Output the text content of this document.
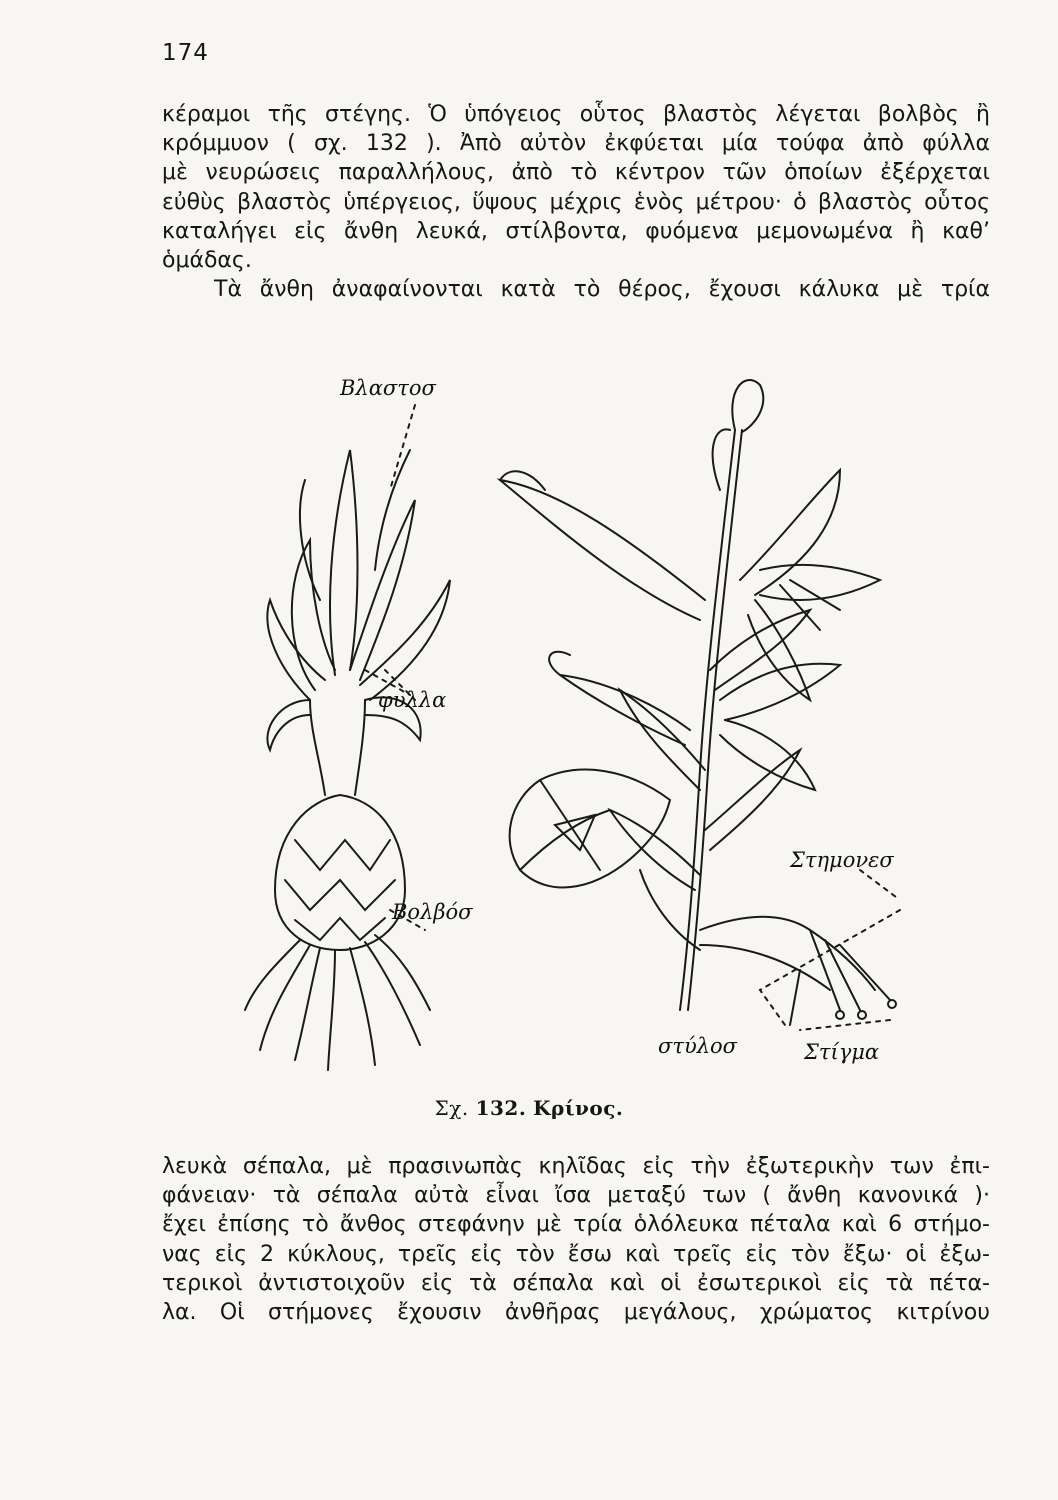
174
κέραμοι τῆς στέγης. Ὁ ὑπόγειος οὗτος βλαστὸς λέγεται βολβὸς ἢ
κρόμμυον ( σχ. 132 ). Ἀπὸ αὐτὸν ἐκφύεται μία τούφα ἀπὸ φύλλα
μὲ νευρώσεις παραλλήλους, ἀπὸ τὸ κέντρον τῶν ὁποίων ἐξέρχεται
εὐθὺς βλαστὸς ὑπέργειος, ὕψους μέχρις ἑνὸς μέτρου· ὁ βλαστὸς οὗτος
καταλήγει εἰς ἄνθη λευκά, στίλβοντα, φυόμενα μεμονωμένα ἢ καθ’
ὁμάδας.
Τὰ ἄνθη ἀναφαίνονται κατὰ τὸ θέρος, ἔχουσι κάλυκα μὲ τρία
Βλαστοσ
φυλλα
Βολβόσ
Στημονεσ
στύλοσ	Στίγμα
Σχ. 132. Κρίνος.
λευκὰ σέπαλα, μὲ πρασινωπὰς κηλῖδας εἰς τὴν ἐξωτερικὴν των ἐπι-
φάνειαν· τὰ σέπαλα αὐτὰ εἶναι ἴσα μεταξύ των ( ἄνθη κανονικά )·
ἔχει ἐπίσης τὸ ἄνθος στεφάνην μὲ τρία ὁλόλευκα πέταλα καὶ 6 στήμο-
νας εἰς 2 κύκλους, τρεῖς εἰς τὸν ἔσω καὶ τρεῖς εἰς τὸν ἔξω· οἱ ἐξω-
τερικοὶ ἀντιστοιχοῦν εἰς τὰ σέπαλα καὶ οἱ ἐσωτερικοὶ εἰς τὰ πέτα-
λα. Οἱ στήμονες ἔχουσιν ἀνθῆρας μεγάλους, χρώματος κιτρίνου
